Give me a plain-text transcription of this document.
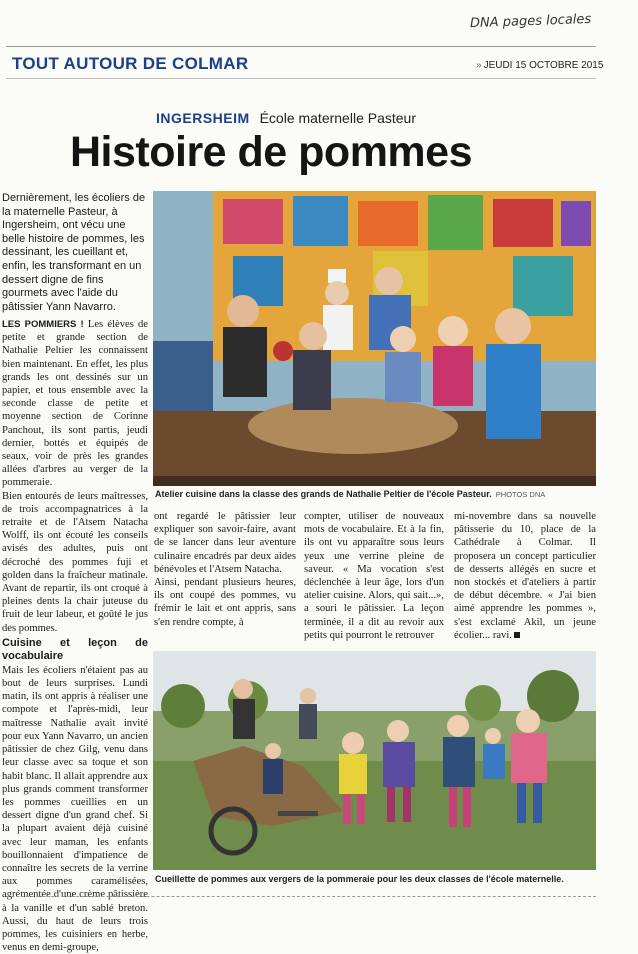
DNA pages locales
TOUT AUTOUR DE COLMAR	» JEUDI 15 OCTOBRE 2015
INGERSHEIM École maternelle Pasteur
Histoire de pommes
Dernièrement, les écoliers de la maternelle Pasteur, à Ingersheim, ont vécu une belle histoire de pommes, les dessinant, les cueillant et, enfin, les transformant en un dessert digne de fins gourmets avec l'aide du pâtissier Yann Navarro.
Atelier cuisine dans la classe des grands de Nathalie Peltier de l'école Pasteur. PHOTOS DNA

LES POMMIERS ! Les élèves de petite et grande section de Nathalie Peltier les connaissent bien maintenant. En effet, les plus grands les ont dessinés sur un papier, et tous ensemble avec la seconde classe de petite et moyenne section de Corinne Panchout, ils sont partis, jeudi dernier, bottés et équipés de seaux, voir de près les grandes allées d'arbres au verger de la pommeraie.

Bien entourés de leurs maîtresses, de trois accompagnatrices à la retraite et de l'Atsem Natacha Wolff, ils ont écouté les conseils avisés des adultes, puis ont décroché des pommes fuji et golden dans la fraîcheur matinale. Avant de repartir, ils ont croqué à pleines dents la chair juteuse du fruit de leur labeur, et goûté le jus des pommes.

Cuisine et leçon de vocabulaire

Mais les écoliers n'étaient pas au bout de leurs surprises. Lundi matin, ils ont appris à réaliser une compote et l'après-midi, leur maîtresse Nathalie avait invité pour eux Yann Navarro, un ancien pâtissier de chez Gilg, venu dans leur classe avec sa toque et son habit blanc. Il allait apprendre aux plus grands comment transformer les pommes cueillies en un dessert digne d'un grand chef. Si la plupart avaient déjà cuisiné avec leur maman, les enfants bouillonnaient d'impatience de connaître les secrets de la verrine aux pommes caramélisées, agrémentée d'une crème pâtissière à la vanille et d'un sablé breton. Aussi, du haut de leurs trois pommes, les cuisiniers en herbe, venus en demi-groupe,

ont regardé le pâtissier leur expliquer son savoir-faire, avant de se lancer dans leur aventure culinaire encadrés par deux aides bénévoles et l'Atsem Natacha.

Ainsi, pendant plusieurs heures, ils ont coupé des pommes, vu frémir le lait et ont appris, sans s'en rendre compte, à

compter, utiliser de nouveaux mots de vocabulaire. Et à la fin, ils ont vu apparaître sous leurs yeux une verrine pleine de saveur. « Ma vocation s'est déclenchée à leur âge, lors d'un atelier cuisine. Alors, qui sait...», a souri le pâtissier. La leçon terminée, il a dit au revoir aux petits qui pourront le retrouver

mi-novembre dans sa nouvelle pâtisserie du 10, place de la Cathédrale à Colmar. Il proposera un concept particulier de desserts allégés en sucre et non stockés et d'ateliers à partir de début décembre. « J'ai bien aimé apprendre les pommes », s'est exclamé Akil, un jeune écolier... ravi.

Cueillette de pommes aux vergers de la pommeraie pour les deux classes de l'école maternelle.
